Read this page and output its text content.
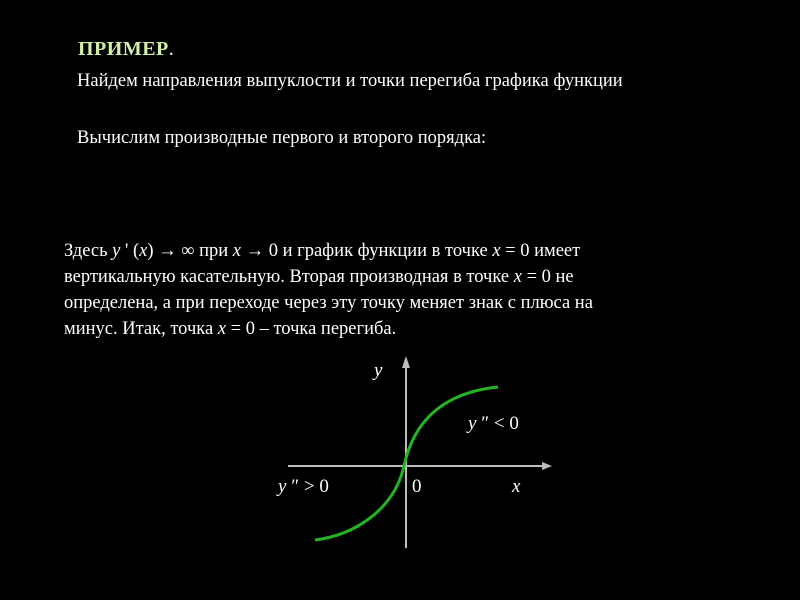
ПРИМЕР.
Найдем направления выпуклости и точки перегиба графика функции
Вычислим производные первого и второго порядка:
Здесь y ' (x) → ∞ при x → 0 и график функции в точке x = 0 имеет
вертикальную касательную. Вторая производная в точке x = 0 не
определена, а при переходе через эту точку меняет знак с плюса на
минус. Итак, точка x = 0 – точка перегиба.
y
x
0
y ″ < 0
y ″ > 0
